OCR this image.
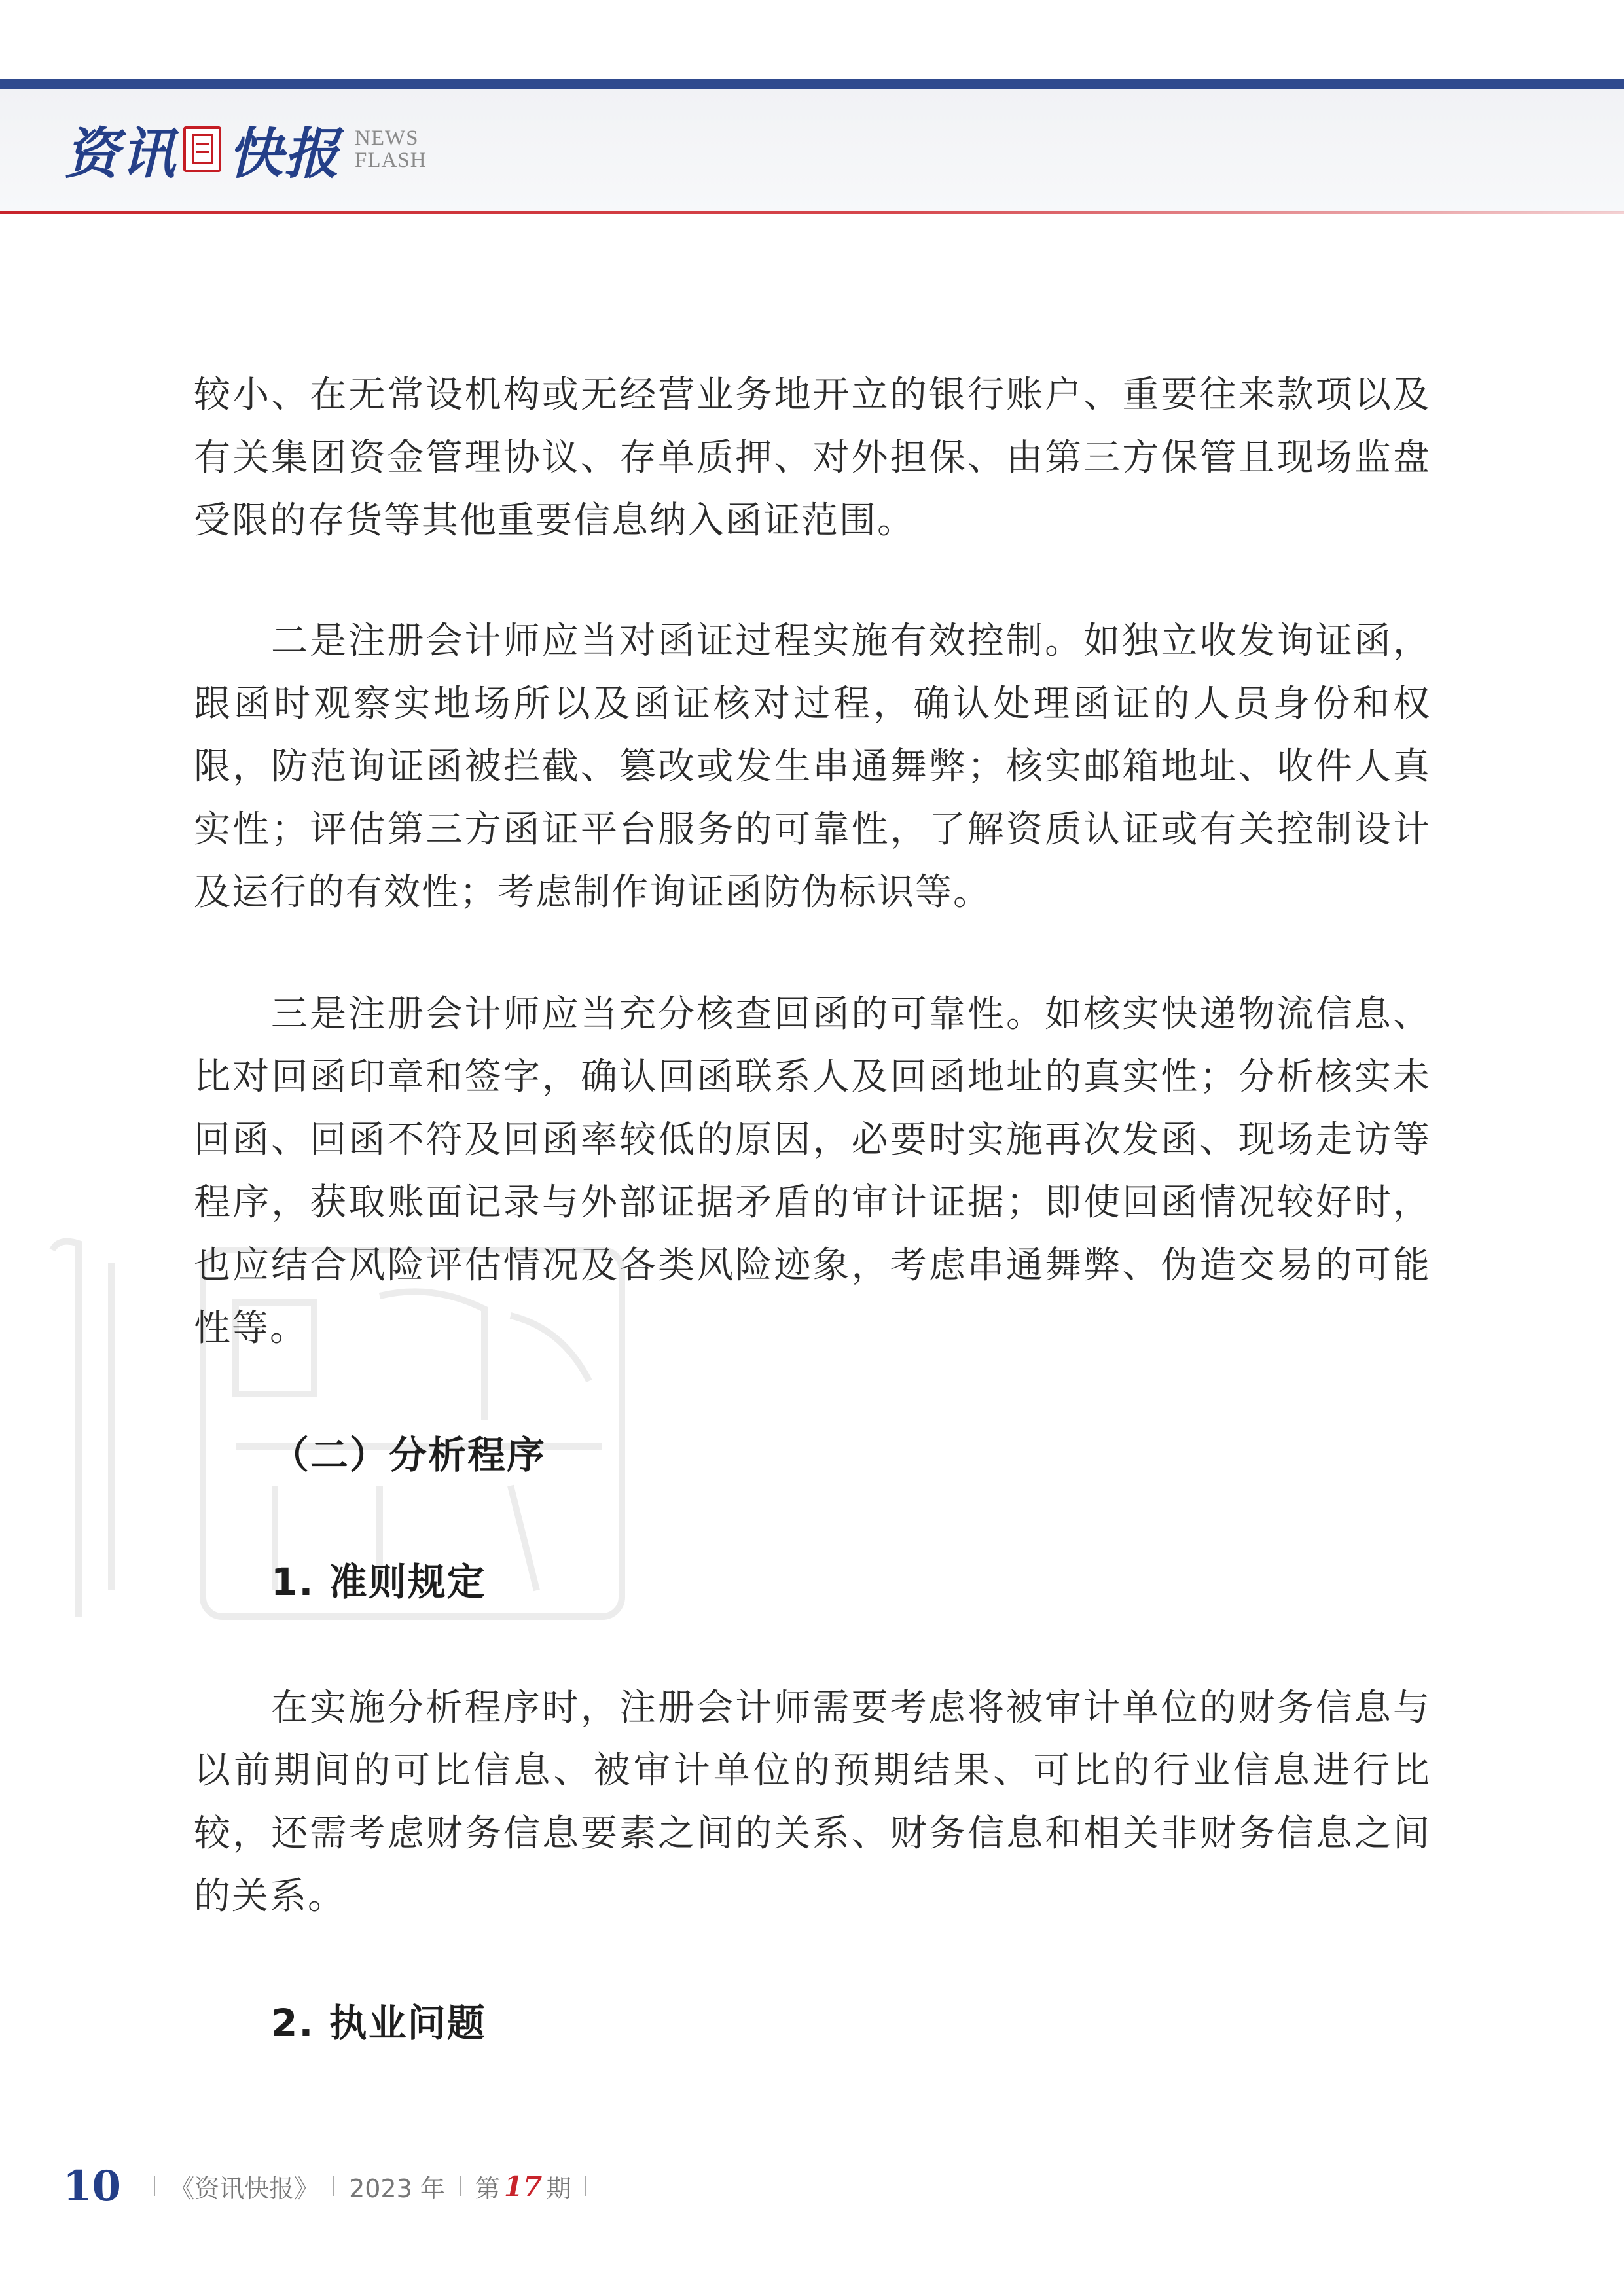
资讯 快报 NEWS
FLASH

较小、在无常设机构或无经营业务地开立的银行账户、重要往来款项以及有关集团资金管理协议、存单质押、对外担保、由第三方保管且现场监盘受限的存货等其他重要信息纳入函证范围。

二是注册会计师应当对函证过程实施有效控制。如独立收发询证函，跟函时观察实地场所以及函证核对过程，确认处理函证的人员身份和权限，防范询证函被拦截、篡改或发生串通舞弊；核实邮箱地址、收件人真实性；评估第三方函证平台服务的可靠性，了解资质认证或有关控制设计及运行的有效性；考虑制作询证函防伪标识等。

三是注册会计师应当充分核查回函的可靠性。如核实快递物流信息、比对回函印章和签字，确认回函联系人及回函地址的真实性；分析核实未回函、回函不符及回函率较低的原因，必要时实施再次发函、现场走访等程序，获取账面记录与外部证据矛盾的审计证据；即使回函情况较好时，也应结合风险评估情况及各类风险迹象，考虑串通舞弊、伪造交易的可能性等。

（二）分析程序

1. 准则规定

在实施分析程序时，注册会计师需要考虑将被审计单位的财务信息与以前期间的可比信息、被审计单位的预期结果、可比的行业信息进行比较，还需考虑财务信息要素之间的关系、财务信息和相关非财务信息之间的关系。

2. 执业问题

10 《资讯快报》 2023 年 第 17 期
